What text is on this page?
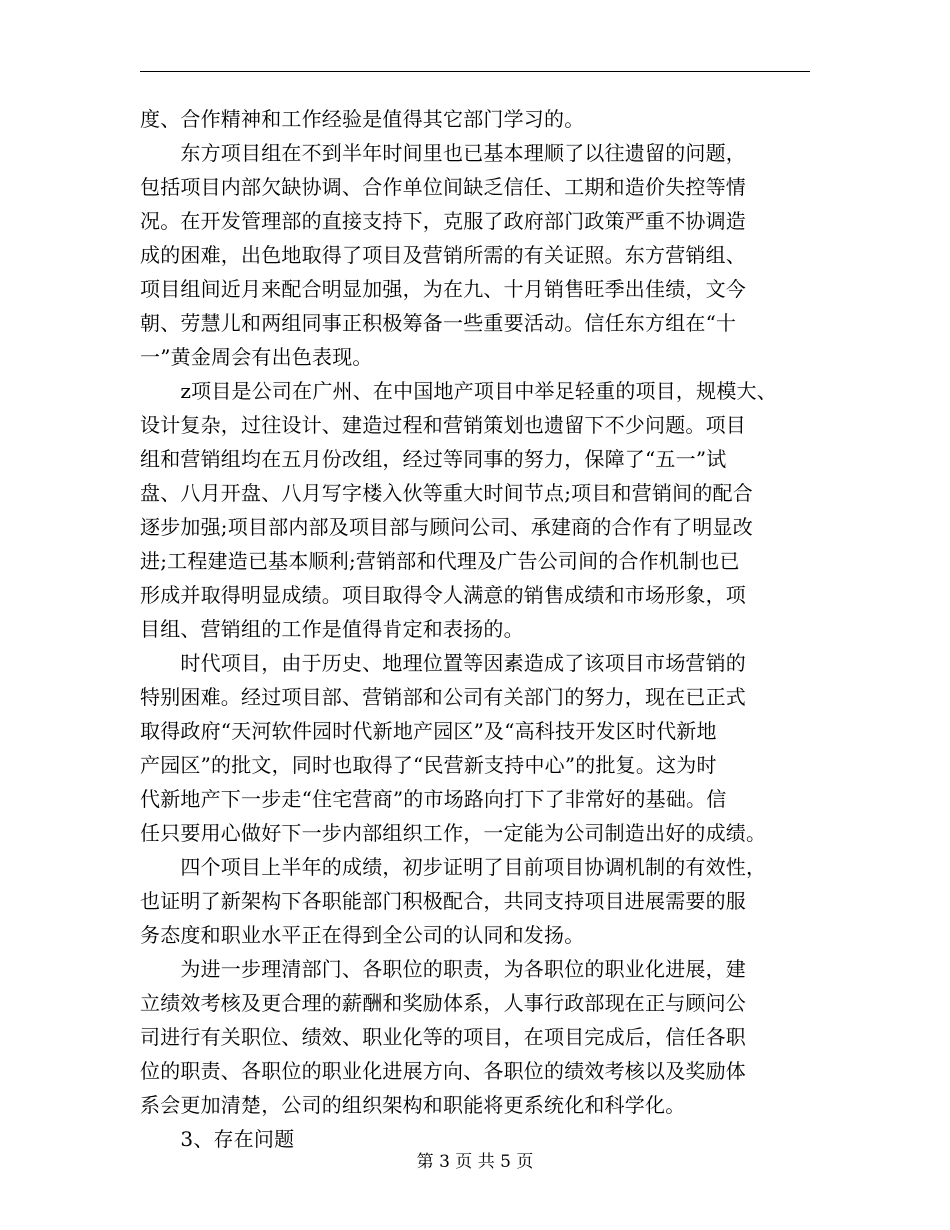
度、合作精神和工作经验是值得其它部门学习的。
　　东方项目组在不到半年时间里也已基本理顺了以往遗留的问题，
包括项目内部欠缺协调、合作单位间缺乏信任、工期和造价失控等情
况。在开发管理部的直接支持下，克服了政府部门政策严重不协调造
成的困难，出色地取得了项目及营销所需的有关证照。东方营销组、
项目组间近月来配合明显加强，为在九、十月销售旺季出佳绩，文今
朝、劳慧儿和两组同事正积极筹备一些重要活动。信任东方组在“十
一”黄金周会有出色表现。
　　z项目是公司在广州、在中国地产项目中举足轻重的项目，规模大、
设计复杂，过往设计、建造过程和营销策划也遗留下不少问题。项目
组和营销组均在五月份改组，经过等同事的努力，保障了“五一”试
盘、八月开盘、八月写字楼入伙等重大时间节点;项目和营销间的配合
逐步加强;项目部内部及项目部与顾问公司、承建商的合作有了明显改
进;工程建造已基本顺利;营销部和代理及广告公司间的合作机制也已
形成并取得明显成绩。项目取得令人满意的销售成绩和市场形象，项
目组、营销组的工作是值得肯定和表扬的。
　　时代项目，由于历史、地理位置等因素造成了该项目市场营销的
特别困难。经过项目部、营销部和公司有关部门的努力，现在已正式
取得政府“天河软件园时代新地产园区”及“高科技开发区时代新地
产园区”的批文，同时也取得了“民营新支持中心”的批复。这为时
代新地产下一步走“住宅营商”的市场路向打下了非常好的基础。信
任只要用心做好下一步内部组织工作，一定能为公司制造出好的成绩。
　　四个项目上半年的成绩，初步证明了目前项目协调机制的有效性，
也证明了新架构下各职能部门积极配合，共同支持项目进展需要的服
务态度和职业水平正在得到全公司的认同和发扬。
　　为进一步理清部门、各职位的职责，为各职位的职业化进展，建
立绩效考核及更合理的薪酬和奖励体系，人事行政部现在正与顾问公
司进行有关职位、绩效、职业化等的项目，在项目完成后，信任各职
位的职责、各职位的职业化进展方向、各职位的绩效考核以及奖励体
系会更加清楚，公司的组织架构和职能将更系统化和科学化。
　　3、存在问题
第 3 页 共 5 页
